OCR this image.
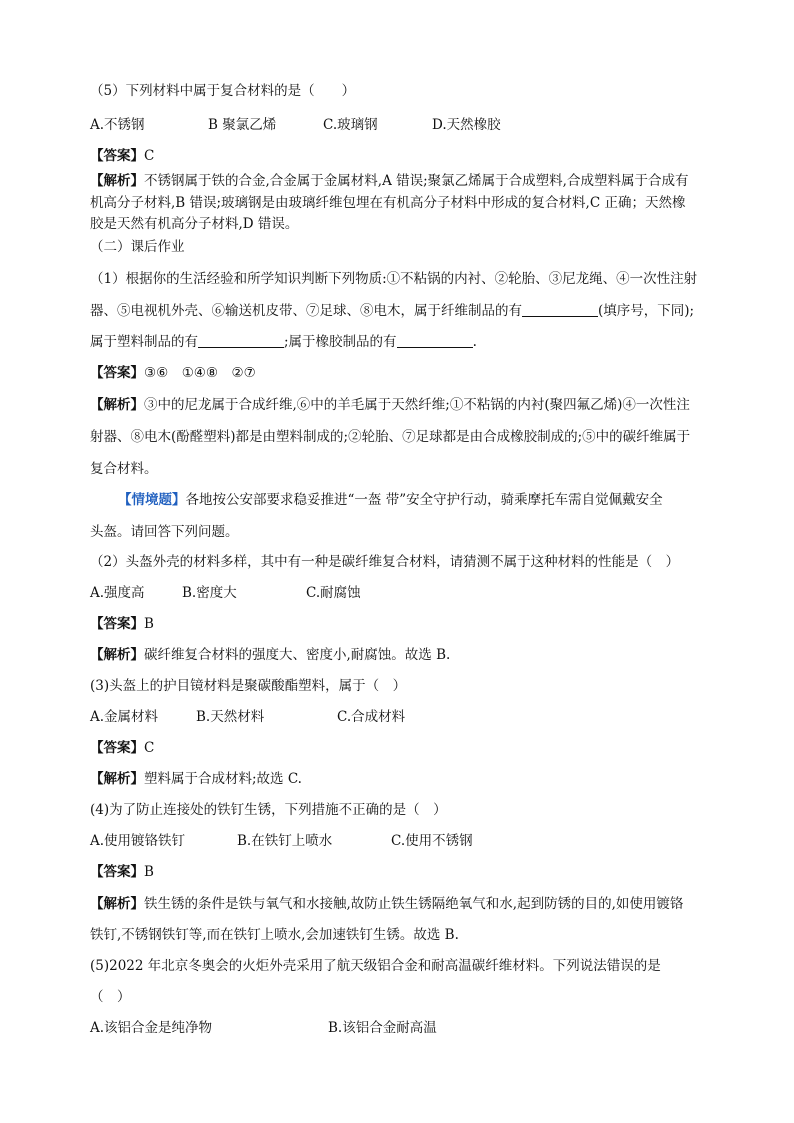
（5）下列材料中属于复合材料的是（　　）
A.不锈钢	B 聚氯乙烯	C.玻璃钢	D.天然橡胶
【答案】C
【解析】不锈钢属于铁的合金,合金属于金属材料,A 错误;聚氯乙烯属于合成塑料,合成塑料属于合成有
机高分子材料,B 错误;玻璃钢是由玻璃纤维包埋在有机高分子材料中形成的复合材料,C 正确；天然橡
胶是天然有机高分子材料,D 错误。
（二）课后作业
（1）根据你的生活经验和所学知识判断下列物质:①不粘锅的内衬、②轮胎、③尼龙绳、④一次性注射
器、⑤电视机外壳、⑥输送机皮带、⑦足球、⑧电木，属于纤维制品的有	(填序号，下同);
属于塑料制品的有	;属于橡胶制品的有	.
【答案】③⑥　①④⑧　②⑦
【解析】③中的尼龙属于合成纤维,⑥中的羊毛属于天然纤维;①不粘锅的内衬(聚四氟乙烯)④一次性注
射器、⑧电木(酚醛塑料)都是由塑料制成的;②轮胎、⑦足球都是由合成橡胶制成的;⑤中的碳纤维属于
复合材料。
【情境题】各地按公安部要求稳妥推进“一盔 带”安全守护行动，骑乘摩托车需自觉佩戴安全
头盔。请回答下列问题。
（2）头盔外壳的材料多样，其中有一种是碳纤维复合材料，请猜测不属于这种材料的性能是（　）
A.强度高	B.密度大	C.耐腐蚀
【答案】B
【解析】碳纤维复合材料的强度大、密度小,耐腐蚀。故选 B.
(3)头盔上的护目镜材料是聚碳酸酯塑料，属于（　）
A.金属材料	B.天然材料	C.合成材料
【答案】C
【解析】塑料属于合成材料;故选 C.
(4)为了防止连接处的铁钉生锈，下列措施不正确的是（　）
A.使用镀铬铁钉	B.在铁钉上喷水	C.使用不锈钢
【答案】B
【解析】铁生锈的条件是铁与氧气和水接触,故防止铁生锈隔绝氧气和水,起到防锈的目的,如使用镀铬
铁钉,不锈钢铁钉等,而在铁钉上喷水,会加速铁钉生锈。故选 B.
(5)2022 年北京冬奥会的火炬外壳采用了航天级铝合金和耐高温碳纤维材料。下列说法错误的是
（　）
A.该铝合金是纯净物	B.该铝合金耐高温
